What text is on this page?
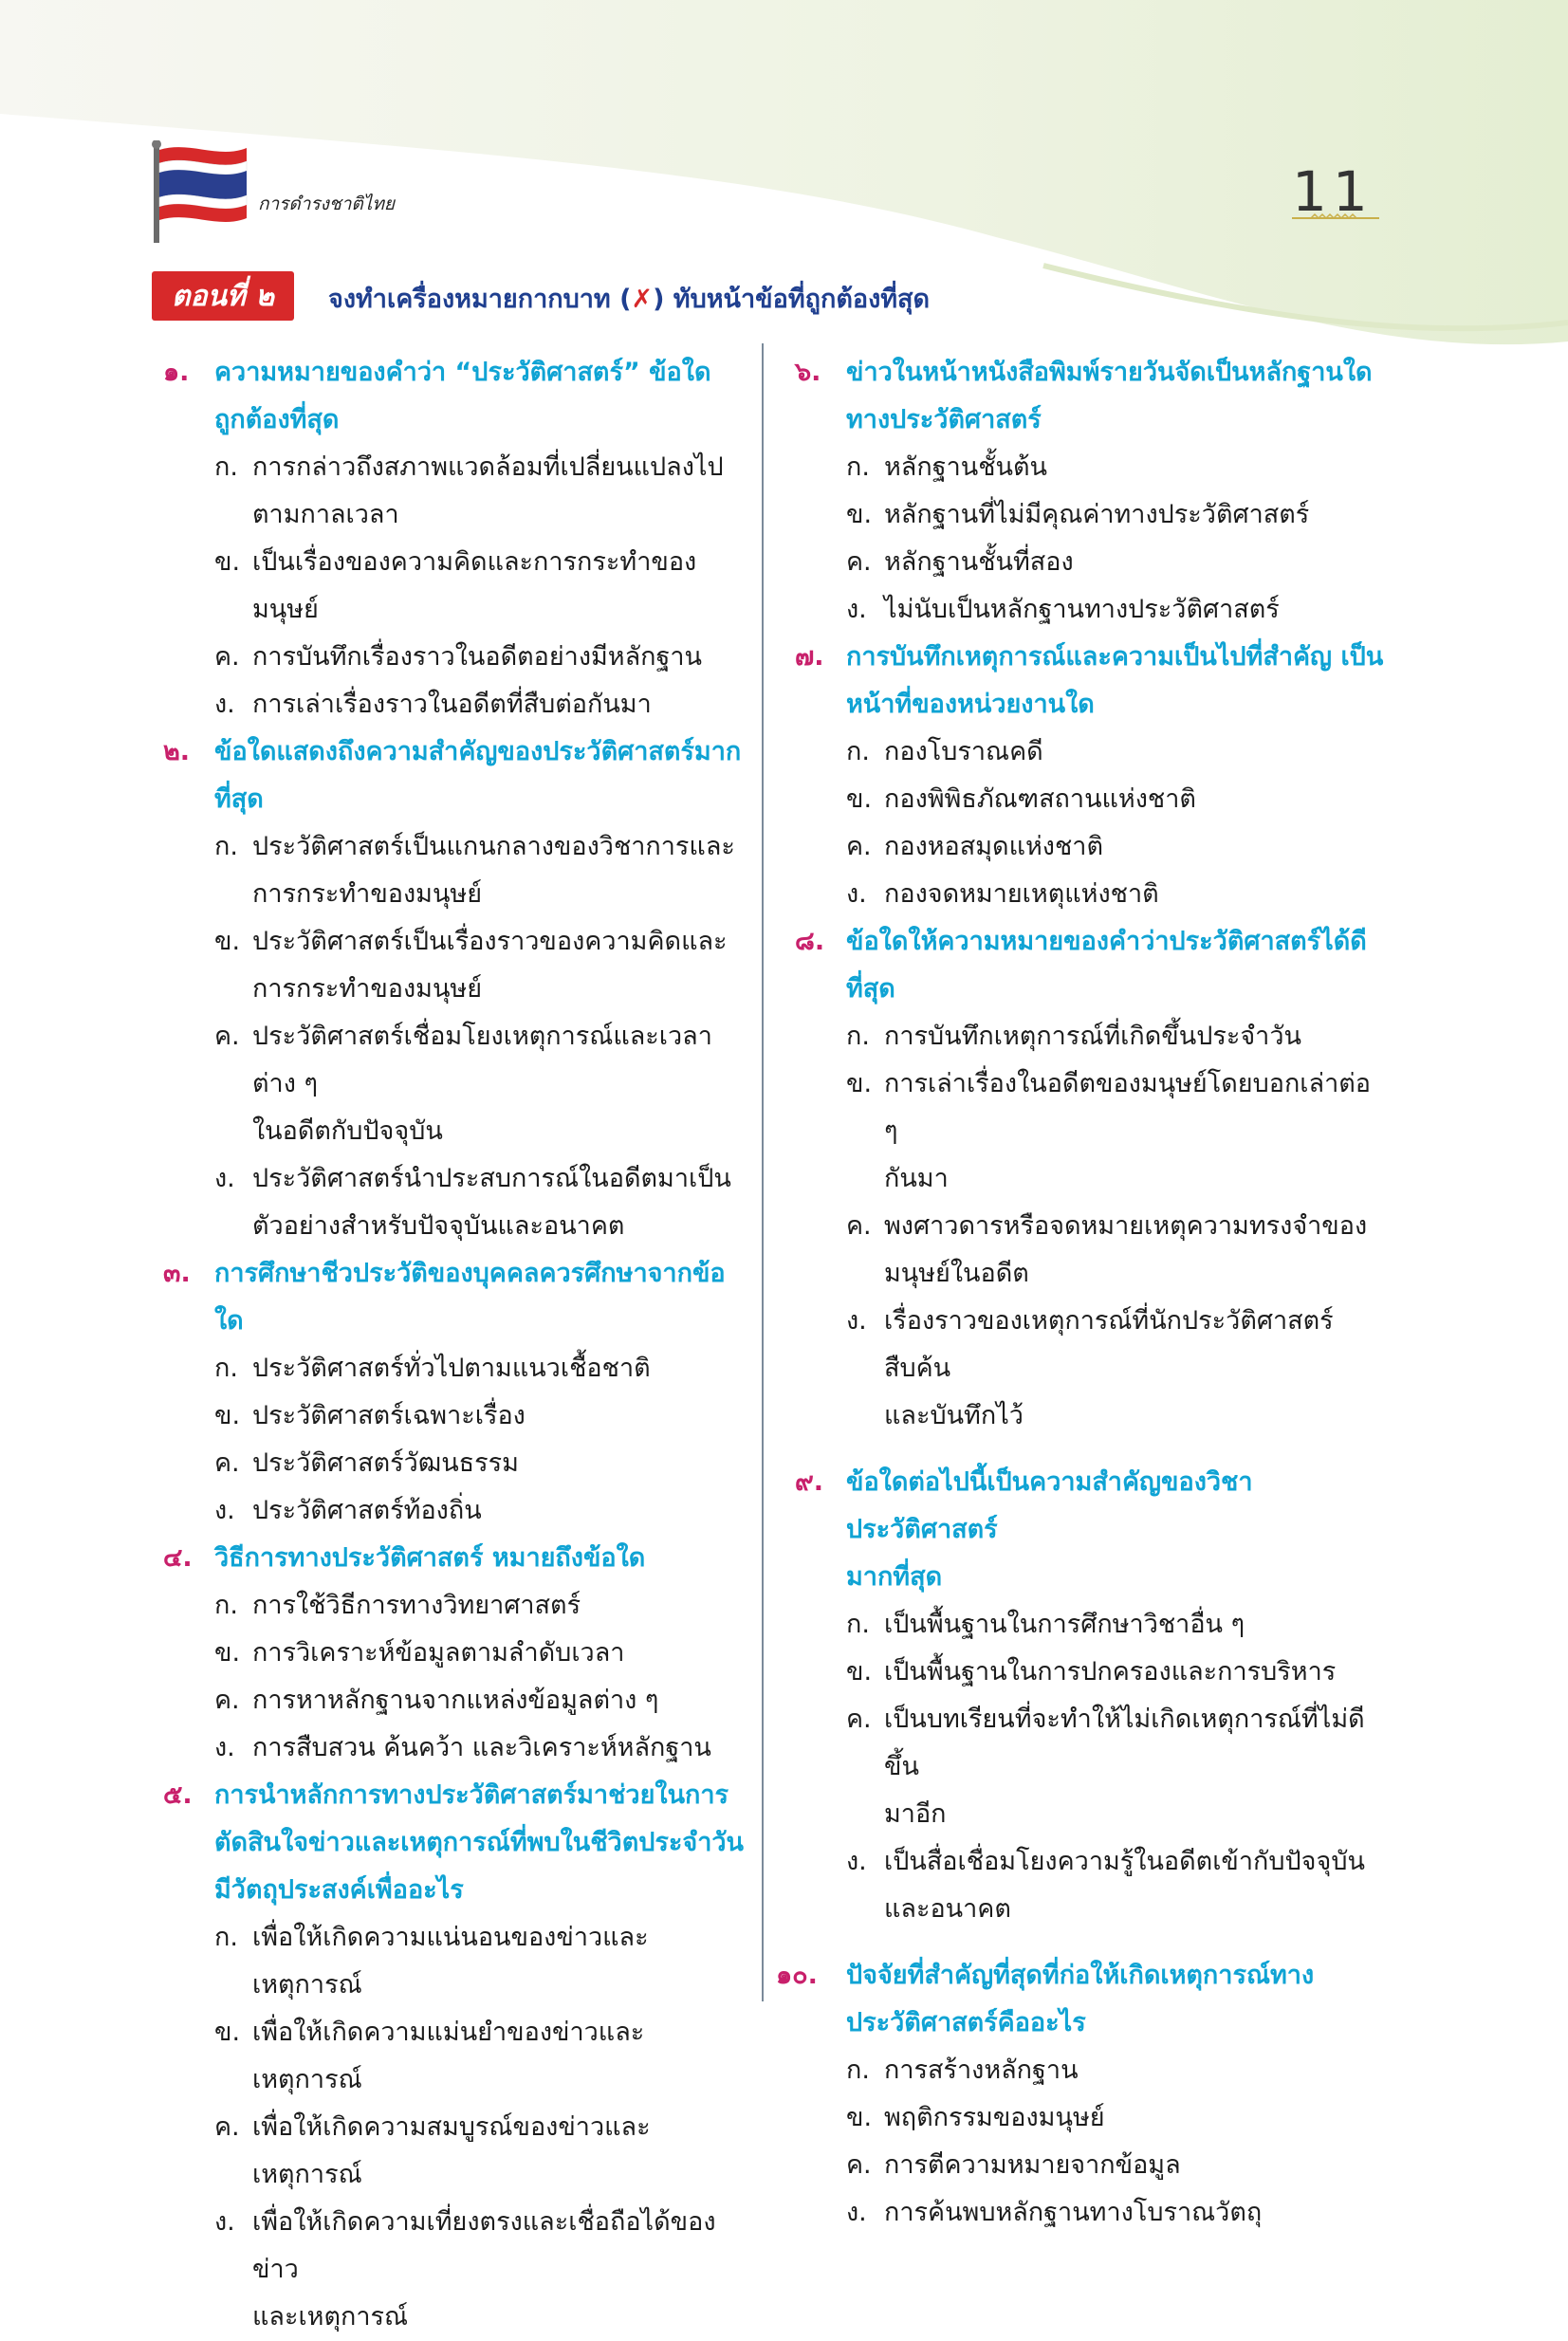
การดำรงชาติไทย	11
ตอนที่ ๒	จงทำเครื่องหมายกากบาท (✗) ทับหน้าข้อที่ถูกต้องที่สุด
๑. ความหมายของคำว่า “ประวัติศาสตร์” ข้อใด
ถูกต้องที่สุด
ก. การกล่าวถึงสภาพแวดล้อมที่เปลี่ยนแปลงไป
ตามกาลเวลา
ข. เป็นเรื่องของความคิดและการกระทำของมนุษย์
ค. การบันทึกเรื่องราวในอดีตอย่างมีหลักฐาน
ง. การเล่าเรื่องราวในอดีตที่สืบต่อกันมา
๒. ข้อใดแสดงถึงความสำคัญของประวัติศาสตร์มากที่สุด
ก. ประวัติศาสตร์เป็นแกนกลางของวิชาการและ
การกระทำของมนุษย์
ข. ประวัติศาสตร์เป็นเรื่องราวของความคิดและ
การกระทำของมนุษย์
ค. ประวัติศาสตร์เชื่อมโยงเหตุการณ์และเวลาต่าง ๆ
ในอดีตกับปัจจุบัน
ง. ประวัติศาสตร์นำประสบการณ์ในอดีตมาเป็น
ตัวอย่างสำหรับปัจจุบันและอนาคต
๓. การศึกษาชีวประวัติของบุคคลควรศึกษาจากข้อใด
ก. ประวัติศาสตร์ทั่วไปตามแนวเชื้อชาติ
ข. ประวัติศาสตร์เฉพาะเรื่อง
ค. ประวัติศาสตร์วัฒนธรรม
ง. ประวัติศาสตร์ท้องถิ่น
๔. วิธีการทางประวัติศาสตร์ หมายถึงข้อใด
ก. การใช้วิธีการทางวิทยาศาสตร์
ข. การวิเคราะห์ข้อมูลตามลำดับเวลา
ค. การหาหลักฐานจากแหล่งข้อมูลต่าง ๆ
ง. การสืบสวน ค้นคว้า และวิเคราะห์หลักฐาน
๕. การนำหลักการทางประวัติศาสตร์มาช่วยในการ
ตัดสินใจข่าวและเหตุการณ์ที่พบในชีวิตประจำวัน
มีวัตถุประสงค์เพื่ออะไร
ก. เพื่อให้เกิดความแน่นอนของข่าวและเหตุการณ์
ข. เพื่อให้เกิดความแม่นยำของข่าวและเหตุการณ์
ค. เพื่อให้เกิดความสมบูรณ์ของข่าวและเหตุการณ์
ง. เพื่อให้เกิดความเที่ยงตรงและเชื่อถือได้ของข่าว
และเหตุการณ์
๖. ข่าวในหน้าหนังสือพิมพ์รายวันจัดเป็นหลักฐานใด
ทางประวัติศาสตร์
ก. หลักฐานชั้นต้น
ข. หลักฐานที่ไม่มีคุณค่าทางประวัติศาสตร์
ค. หลักฐานชั้นที่สอง
ง. ไม่นับเป็นหลักฐานทางประวัติศาสตร์
๗. การบันทึกเหตุการณ์และความเป็นไปที่สำคัญ เป็น
หน้าที่ของหน่วยงานใด
ก. กองโบราณคดี
ข. กองพิพิธภัณฑสถานแห่งชาติ
ค. กองหอสมุดแห่งชาติ
ง. กองจดหมายเหตุแห่งชาติ
๘. ข้อใดให้ความหมายของคำว่าประวัติศาสตร์ได้ดีที่สุด
ก. การบันทึกเหตุการณ์ที่เกิดขึ้นประจำวัน
ข. การเล่าเรื่องในอดีตของมนุษย์โดยบอกเล่าต่อ ๆ
กันมา
ค. พงศาวดารหรือจดหมายเหตุความทรงจำของ
มนุษย์ในอดีต
ง. เรื่องราวของเหตุการณ์ที่นักประวัติศาสตร์สืบค้น
และบันทึกไว้
๙. ข้อใดต่อไปนี้เป็นความสำคัญของวิชาประวัติศาสตร์
มากที่สุด
ก. เป็นพื้นฐานในการศึกษาวิชาอื่น ๆ
ข. เป็นพื้นฐานในการปกครองและการบริหาร
ค. เป็นบทเรียนที่จะทำให้ไม่เกิดเหตุการณ์ที่ไม่ดีขึ้น
มาอีก
ง. เป็นสื่อเชื่อมโยงความรู้ในอดีตเข้ากับปัจจุบัน
และอนาคต
๑๐. ปัจจัยที่สำคัญที่สุดที่ก่อให้เกิดเหตุการณ์ทาง
ประวัติศาสตร์คืออะไร
ก. การสร้างหลักฐาน
ข. พฤติกรรมของมนุษย์
ค. การตีความหมายจากข้อมูล
ง. การค้นพบหลักฐานทางโบราณวัตถุ
